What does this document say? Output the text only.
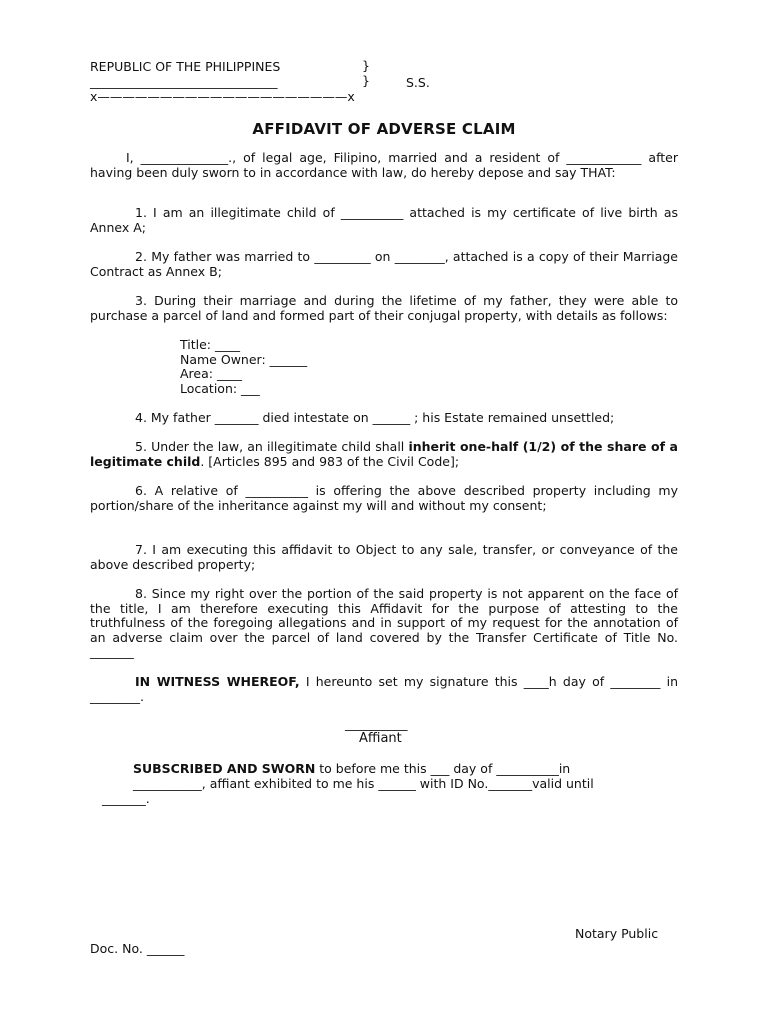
REPUBLIC OF THE PHILIPPINES
______________________________
x————————————————————x
}
}	S.S.
AFFIDAVIT OF ADVERSE CLAIM

I, ______________., of legal age, Filipino, married and a resident of ____________ after having been duly sworn to in accordance with law, do hereby depose and say THAT:

1. I am an illegitimate child of __________ attached is my certificate of live birth as Annex A;

2. My father was married to _________ on ________, attached is a copy of their Marriage Contract as Annex B;

3. During their marriage and during the lifetime of my father, they were able to purchase a parcel of land and formed part of their conjugal property, with details as follows:

Title: ____
Name Owner: ______
Area: ____
Location: ___

4. My father _______ died intestate on ______ ; his Estate remained unsettled;

5. Under the law, an illegitimate child shall inherit one-half (1/2) of the share of a legitimate child. [Articles 895 and 983 of the Civil Code];

6. A relative of __________ is offering the above described property including my portion/share of the inheritance against my will and without my consent;

7. I am executing this affidavit to Object to any sale, transfer, or conveyance of the above described property;

8. Since my right over the portion of the said property is not apparent on the face of the title, I am therefore executing this Affidavit for the purpose of attesting to the truthfulness of the foregoing allegations and in support of my request for the annotation of an adverse claim over the parcel of land covered by the Transfer Certificate of Title No. _______

IN WITNESS WHEREOF, I hereunto set my signature this ____h day of ________ in ________.

__________
Affiant
SUBSCRIBED AND SWORN to before me this ___ day of __________in
___________, affiant exhibited to me his ______ with ID No._______valid until
_______.
Notary Public
Doc. No. ______
